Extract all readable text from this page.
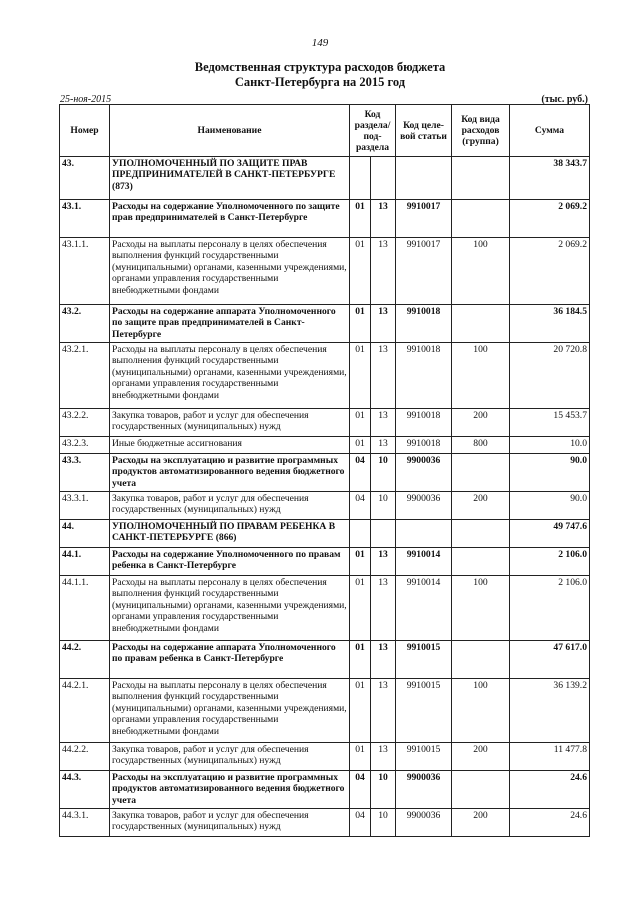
149
Ведомственная структура расходов бюджета
Санкт-Петербурга на 2015 год
25-ноя-2015	(тыс. руб.)
Номер	Наименование	Код раздела/ под- раздела		Код целе- вой статьи	Код вида расходов (группа)	Сумма
43.	УПОЛНОМОЧЕННЫЙ ПО ЗАЩИТЕ ПРАВ ПРЕДПРИНИМАТЕЛЕЙ В САНКТ-ПЕТЕРБУРГЕ (873)					38 343.7
43.1.	Расходы на содержание Уполномоченного по защите прав предпринимателей в Санкт-Петербурге	01	13	9910017		2 069.2
43.1.1.	Расходы на выплаты персоналу в целях обеспечения выполнения функций государственными (муниципальными) органами, казенными учреждениями, органами управления государственными внебюджетными фондами	01	13	9910017	100	2 069.2
43.2.	Расходы на содержание аппарата Уполномоченного по защите прав предпринимателей в Санкт-Петербурге	01	13	9910018		36 184.5
43.2.1.	Расходы на выплаты персоналу в целях обеспечения выполнения функций государственными (муниципальными) органами, казенными учреждениями, органами управления государственными внебюджетными фондами	01	13	9910018	100	20 720.8
43.2.2.	Закупка товаров, работ и услуг для обеспечения государственных (муниципальных) нужд	01	13	9910018	200	15 453.7
43.2.3.	Иные бюджетные ассигнования	01	13	9910018	800	10.0
43.3.	Расходы на эксплуатацию и развитие программных продуктов автоматизированного ведения бюджетного учета	04	10	9900036		90.0
43.3.1.	Закупка товаров, работ и услуг для обеспечения государственных (муниципальных) нужд	04	10	9900036	200	90.0
44.	УПОЛНОМОЧЕННЫЙ ПО ПРАВАМ РЕБЕНКА В САНКТ-ПЕТЕРБУРГЕ (866)					49 747.6
44.1.	Расходы на содержание Уполномоченного по правам ребенка в Санкт-Петербурге	01	13	9910014		2 106.0
44.1.1.	Расходы на выплаты персоналу в целях обеспечения выполнения функций государственными (муниципальными) органами, казенными учреждениями, органами управления государственными внебюджетными фондами	01	13	9910014	100	2 106.0
44.2.	Расходы на содержание аппарата Уполномоченного по правам ребенка в Санкт-Петербурге	01	13	9910015		47 617.0
44.2.1.	Расходы на выплаты персоналу в целях обеспечения выполнения функций государственными (муниципальными) органами, казенными учреждениями, органами управления государственными внебюджетными фондами	01	13	9910015	100	36 139.2
44.2.2.	Закупка товаров, работ и услуг для обеспечения государственных (муниципальных) нужд	01	13	9910015	200	11 477.8
44.3.	Расходы на эксплуатацию и развитие программных продуктов автоматизированного ведения бюджетного учета	04	10	9900036		24.6
44.3.1.	Закупка товаров, работ и услуг для обеспечения государственных (муниципальных) нужд	04	10	9900036	200	24.6
